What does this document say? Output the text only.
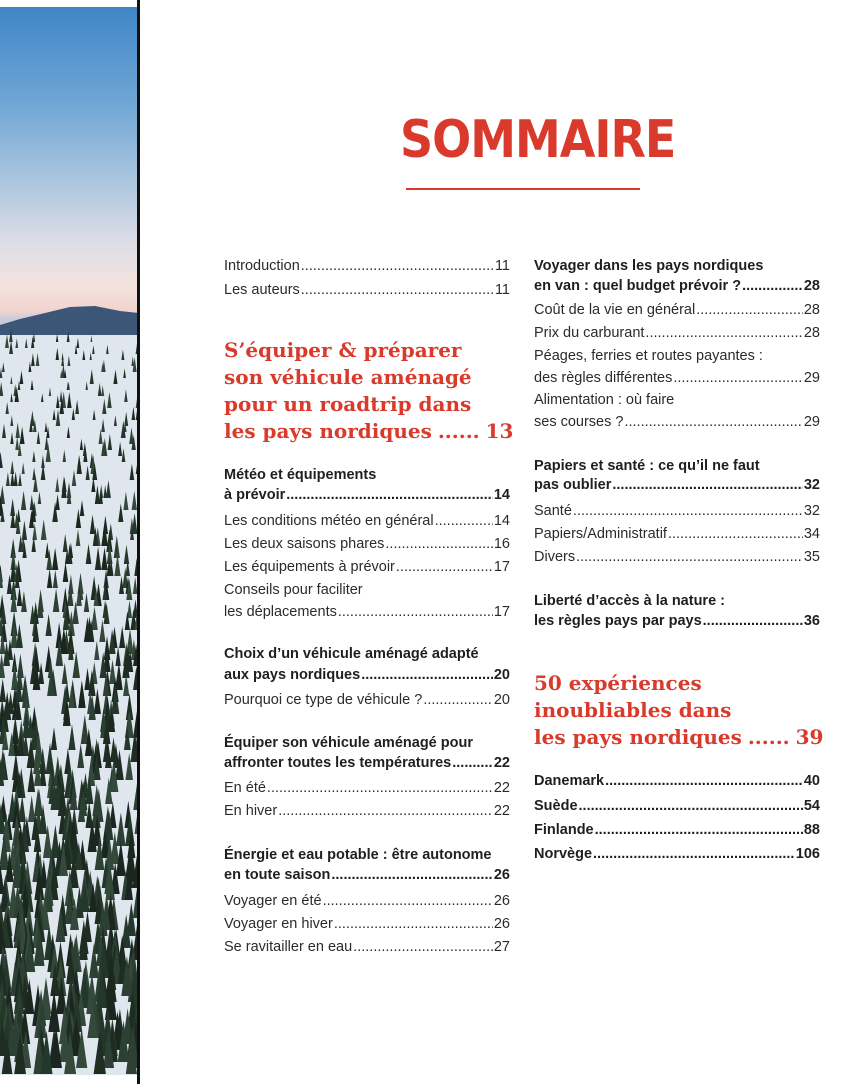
SOMMAIRE
Introduction .....	11
Les auteurs .....	11
S’équiper & préparer
son véhicule aménagé
pour un roadtrip dans
les pays nordiques ...... 13
Météo et équipements
à prévoir .....	14
Les conditions météo en général .....	14
Les deux saisons phares .....	16
Les équipements à prévoir .....	17
Conseils pour faciliter
les déplacements .....	17
Choix d’un véhicule aménagé adapté
aux pays nordiques .....	20
Pourquoi ce type de véhicule ? .....	20
Équiper son véhicule aménagé pour
affronter toutes les températures .....	22
En été .....	22
En hiver .....	22
Énergie et eau potable : être autonome
en toute saison .....	26
Voyager en été .....	26
Voyager en hiver .....	26
Se ravitailler en eau .....	27
Voyager dans les pays nordiques
en van : quel budget prévoir ? .....	28
Coût de la vie en général .....	28
Prix du carburant .....	28
Péages, ferries et routes payantes :
des règles différentes .....	29
Alimentation : où faire
ses courses ? .....	29
Papiers et santé : ce qu’il ne faut
pas oublier .....	32
Santé .....	32
Papiers/Administratif .....	34
Divers .....	35
Liberté d’accès à la nature :
les règles pays par pays .....	36
50 expériences
inoubliables dans
les pays nordiques ...... 39
Danemark .....	40
Suède .....	54
Finlande .....	88
Norvège .....	106
